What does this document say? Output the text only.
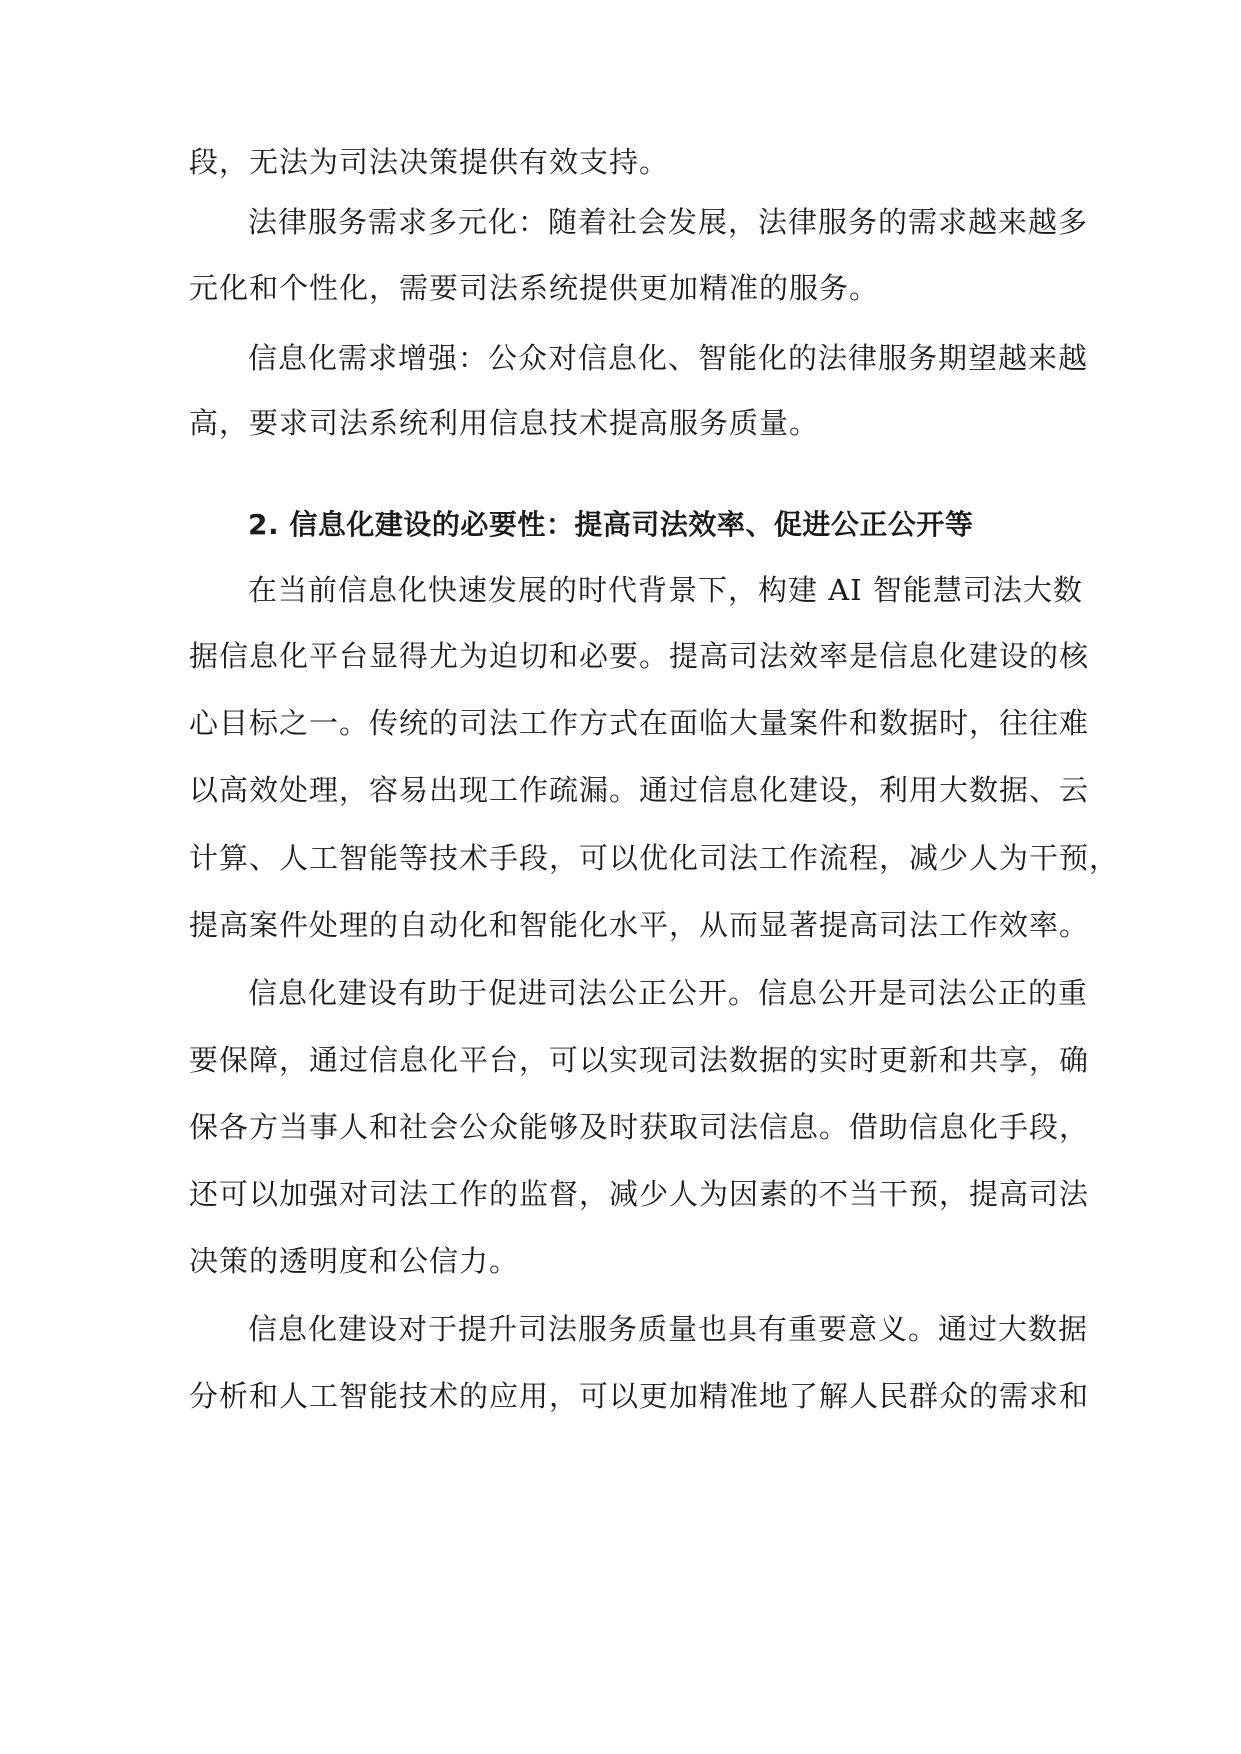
段，无法为司法决策提供有效支持。
法律服务需求多元化：随着社会发展，法律服务的需求越来越多
元化和个性化，需要司法系统提供更加精准的服务。
信息化需求增强：公众对信息化、智能化的法律服务期望越来越
高，要求司法系统利用信息技术提高服务质量。
2. 信息化建设的必要性：提高司法效率、促进公正公开等
在当前信息化快速发展的时代背景下，构建 AI 智能慧司法大数
据信息化平台显得尤为迫切和必要。提高司法效率是信息化建设的核
心目标之一。传统的司法工作方式在面临大量案件和数据时，往往难
以高效处理，容易出现工作疏漏。通过信息化建设，利用大数据、云
计算、人工智能等技术手段，可以优化司法工作流程，减少人为干预，
提高案件处理的自动化和智能化水平，从而显著提高司法工作效率。
信息化建设有助于促进司法公正公开。信息公开是司法公正的重
要保障，通过信息化平台，可以实现司法数据的实时更新和共享，确
保各方当事人和社会公众能够及时获取司法信息。借助信息化手段，
还可以加强对司法工作的监督，减少人为因素的不当干预，提高司法
决策的透明度和公信力。
信息化建设对于提升司法服务质量也具有重要意义。通过大数据
分析和人工智能技术的应用，可以更加精准地了解人民群众的需求和
